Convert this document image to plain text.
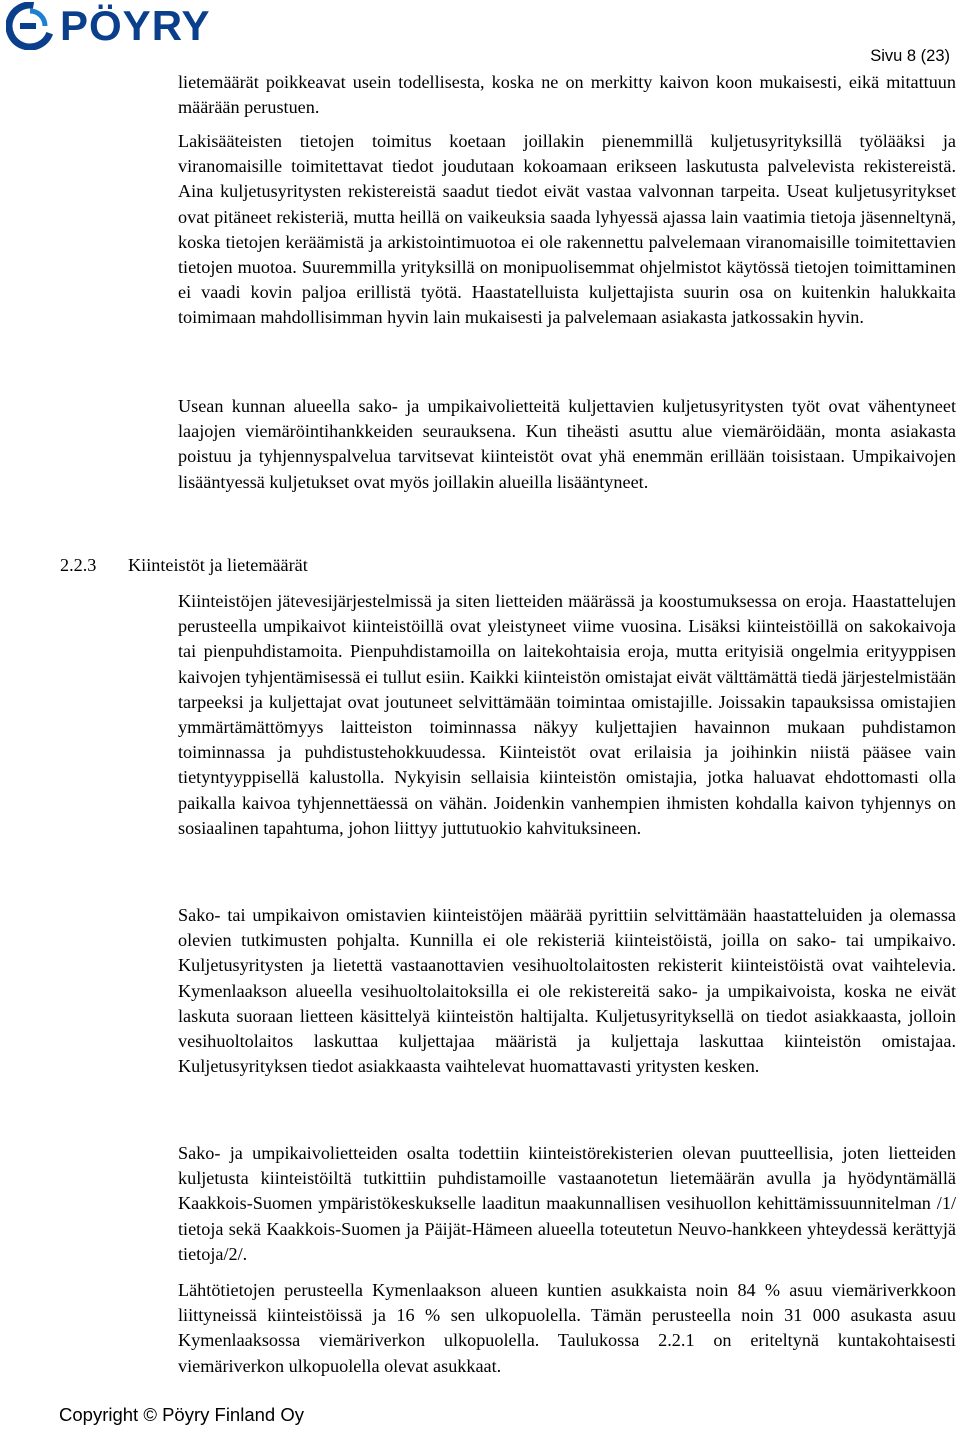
PÖYRY
Sivu 8 (23)

lietemäärät poikkeavat usein todellisesta, koska ne on merkitty kaivon koon mukaisesti, eikä mitattuun määrään perustuen.

Lakisääteisten tietojen toimitus koetaan joillakin pienemmillä kuljetusyrityksillä työlääksi ja viranomaisille toimitettavat tiedot joudutaan kokoamaan erikseen laskutusta palvelevista rekistereistä. Aina kuljetusyritysten rekistereistä saadut tiedot eivät vastaa valvonnan tarpeita. Useat kuljetusyritykset ovat pitäneet rekisteriä, mutta heillä on vaikeuksia saada lyhyessä ajassa lain vaatimia tietoja jäsenneltynä, koska tietojen keräämistä ja arkistointimuotoa ei ole rakennettu palvelemaan viranomaisille toimitettavien tietojen muotoa. Suuremmilla yrityksillä on monipuolisemmat ohjelmistot käytössä tietojen toimittaminen ei vaadi kovin paljoa erillistä työtä. Haastatelluista kuljettajista suurin osa on kuitenkin halukkaita toimimaan mahdollisimman hyvin lain mukaisesti ja palvelemaan asiakasta jatkossakin hyvin.

Usean kunnan alueella sako- ja umpikaivolietteitä kuljettavien kuljetusyritysten työt ovat vähentyneet laajojen viemäröintihankkeiden seurauksena. Kun tiheästi asuttu alue viemäröidään, monta asiakasta poistuu ja tyhjennyspalvelua tarvitsevat kiinteistöt ovat yhä enemmän erillään toisistaan. Umpikaivojen lisääntyessä kuljetukset ovat myös joillakin alueilla lisääntyneet.

2.2.3 Kiinteistöt ja lietemäärät

Kiinteistöjen jätevesijärjestelmissä ja siten lietteiden määrässä ja koostumuksessa on eroja. Haastattelujen perusteella umpikaivot kiinteistöillä ovat yleistyneet viime vuosina. Lisäksi kiinteistöillä on sakokaivoja tai pienpuhdistamoita. Pienpuhdistamoilla on laitekohtaisia eroja, mutta erityisiä ongelmia erityyppisen kaivojen tyhjentämisessä ei tullut esiin. Kaikki kiinteistön omistajat eivät välttämättä tiedä järjestelmistään tarpeeksi ja kuljettajat ovat joutuneet selvittämään toimintaa omistajille. Joissakin tapauksissa omistajien ymmärtämättömyys laitteiston toiminnassa näkyy kuljettajien havainnon mukaan puhdistamon toiminnassa ja puhdistustehokkuudessa. Kiinteistöt ovat erilaisia ja joihinkin niistä pääsee vain tietyntyyppisellä kalustolla. Nykyisin sellaisia kiinteistön omistajia, jotka haluavat ehdottomasti olla paikalla kaivoa tyhjennettäessä on vähän. Joidenkin vanhempien ihmisten kohdalla kaivon tyhjennys on sosiaalinen tapahtuma, johon liittyy juttutuokio kahvituksineen.

Sako- tai umpikaivon omistavien kiinteistöjen määrää pyrittiin selvittämään haastatteluiden ja olemassa olevien tutkimusten pohjalta. Kunnilla ei ole rekisteriä kiinteistöistä, joilla on sako- tai umpikaivo. Kuljetusyritysten ja lietettä vastaanottavien vesihuoltolaitosten rekisterit kiinteistöistä ovat vaihtelevia. Kymenlaakson alueella vesihuoltolaitoksilla ei ole rekistereitä sako- ja umpikaivoista, koska ne eivät laskuta suoraan lietteen käsittelyä kiinteistön haltijalta. Kuljetusyrityksellä on tiedot asiakkaasta, jolloin vesihuoltolaitos laskuttaa kuljettajaa määristä ja kuljettaja laskuttaa kiinteistön omistajaa. Kuljetusyrityksen tiedot asiakkaasta vaihtelevat huomattavasti yritysten kesken.

Sako- ja umpikaivolietteiden osalta todettiin kiinteistörekisterien olevan puutteellisia, joten lietteiden kuljetusta kiinteistöiltä tutkittiin puhdistamoille vastaanotetun lietemäärän avulla ja hyödyntämällä Kaakkois-Suomen ympäristökeskukselle laaditun maakunnallisen vesihuollon kehittämissuunnitelman /1/ tietoja sekä Kaakkois-Suomen ja Päijät-Hämeen alueella toteutetun Neuvo-hankkeen yhteydessä kerättyjä tietoja/2/.

Lähtötietojen perusteella Kymenlaakson alueen kuntien asukkaista noin 84 % asuu viemäriverkkoon liittyneissä kiinteistöissä ja 16 % sen ulkopuolella. Tämän perusteella noin 31 000 asukasta asuu Kymenlaaksossa viemäriverkon ulkopuolella. Taulukossa 2.2.1 on eriteltynä kuntakohtaisesti viemäriverkon ulkopuolella olevat asukkaat.

Copyright © Pöyry Finland Oy
